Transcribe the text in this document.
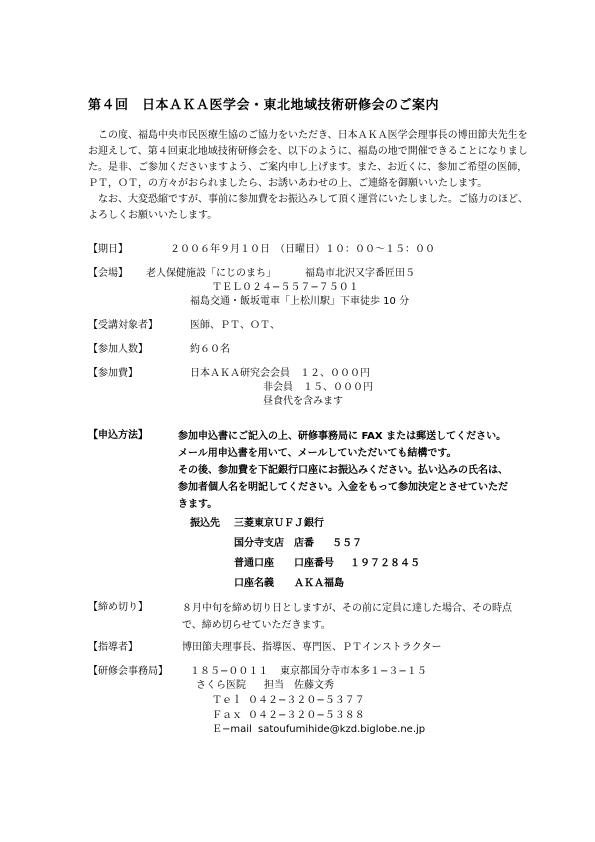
第４回　日本ＡＫＡ医学会・東北地域技術研修会のご案内

この度、福島中央市民医療生協のご協力をいただき、日本ＡＫＡ医学会理事長の博田節夫先生をお迎えして、第４回東北地域技術研修会を、以下のように、福島の地で開催できることになりました。是非、ご参加くださいますよう、ご案内申し上げます。また、お近くに、参加ご希望の医師，ＰＴ，ＯＴ，の方々がおられましたら、お誘いあわせの上、ご連絡を御願いいたします。

なお、大変恐縮ですが、事前に参加費をお振込みして頂く運営にいたしました。ご協力のほど、よろしくお願いいたします。

【期日】	２００６年９月１０日　（日曜日）１０：００〜１５：００
【会場】 老人保健施設「にじのまち」	福島市北沢又字番匠田５
ＴＥＬ０２４−５５７−７５０１
福島交通・飯坂電車「上松川駅」下車徒歩 10 分
【受講対象者】	医師、ＰＴ、ＯＴ、
【参加人数】	約６０名
【参加費】	日本ＡＫＡ研究会会員　１２、０００円
非会員　１５、０００円
昼食代を含みます
【申込方法】	参加申込書にご記入の上、研修事務局に FAX または郵送してください。メール用申込書を用いて、メールしていただいても結構です。

その後、参加費を下記銀行口座にお振込みください。払い込みの氏名は、参加者個人名を明記してください。入金をもって参加決定とさせていただきます。

振込先 三菱東京ＵＦＪ銀行
国分寺支店 店番 ５５７
普通口座 口座番号 １９７２８４５
口座名義 ＡＫＡ福島
【締め切り】	８月中旬を締め切り日としますが、その前に定員に達した場合、その時点で、締め切らせていただきます。
【指導者】	博田節夫理事長、指導医、専門医、ＰＴインストラクター
【研修会事務局】 １８５−００１１ 東京都国分寺市本多１−３−１５
さくら医院 担当　佐藤文秀
Ｔｅｌ ０４２−３２０−５３７７
Ｆａｘ ０４２−３２０−５３８８
Ｅ−mail satoufumihide@kzd.biglobe.ne.jp
